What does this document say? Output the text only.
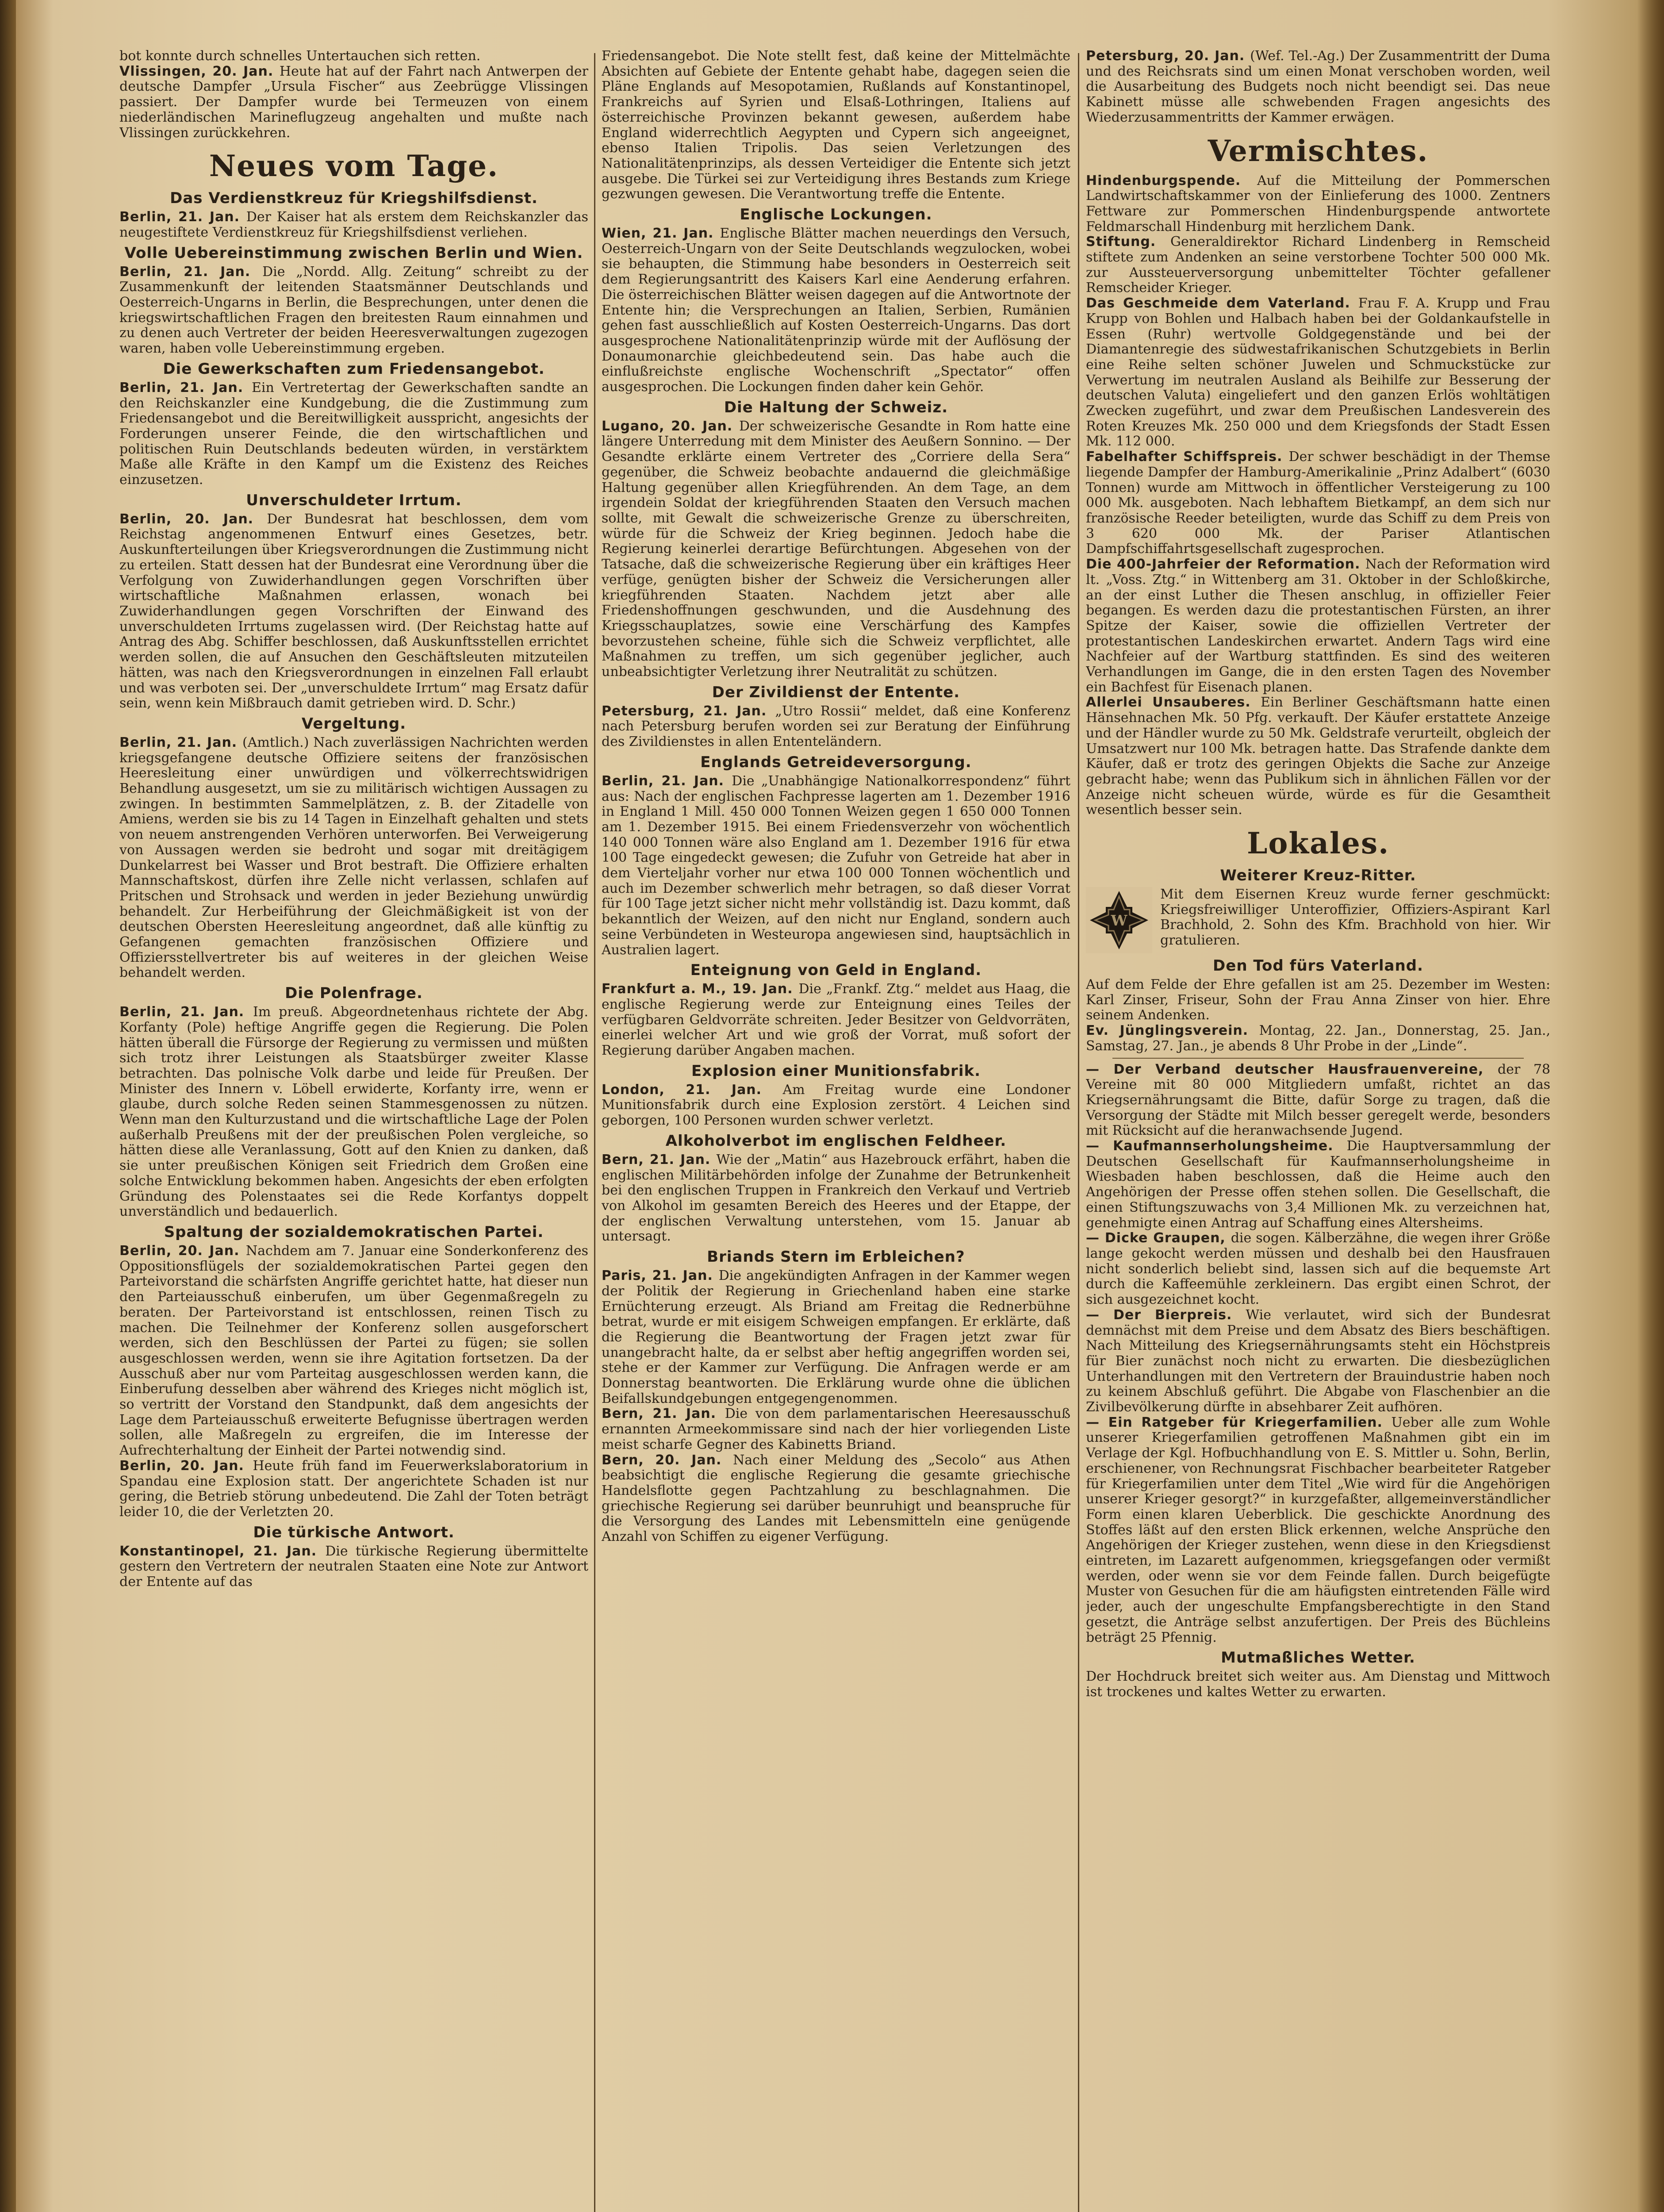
bot konnte durch schnelles Untertauchen sich retten.

Vlissingen, 20. Jan. Heute hat auf der Fahrt nach Antwerpen der deutsche Dampfer „Ursula Fischer“ aus Zeebrügge Vlissingen passiert. Der Dampfer wurde bei Termeuzen von einem niederländischen Marineflugzeug angehalten und mußte nach Vlissingen zurückkehren.

Neues vom Tage.
Das Verdienstkreuz für Kriegshilfsdienst.

Berlin, 21. Jan. Der Kaiser hat als erstem dem Reichskanzler das neugestiftete Verdienstkreuz für Kriegshilfsdienst verliehen.

Volle Uebereinstimmung zwischen Berlin und Wien.

Berlin, 21. Jan. Die „Nordd. Allg. Zeitung“ schreibt zu der Zusammenkunft der leitenden Staatsmänner Deutschlands und Oesterreich-Ungarns in Berlin, die Besprechungen, unter denen die kriegswirtschaftlichen Fragen den breitesten Raum einnahmen und zu denen auch Vertreter der beiden Heeresverwaltungen zugezogen waren, haben volle Uebereinstimmung ergeben.

Die Gewerkschaften zum Friedensangebot.

Berlin, 21. Jan. Ein Vertretertag der Gewerkschaften sandte an den Reichskanzler eine Kundgebung, die die Zustimmung zum Friedensangebot und die Bereitwilligkeit ausspricht, angesichts der Forderungen unserer Feinde, die den wirtschaftlichen und politischen Ruin Deutschlands bedeuten würden, in verstärktem Maße alle Kräfte in den Kampf um die Existenz des Reiches einzusetzen.

Unverschuldeter Irrtum.

Berlin, 20. Jan. Der Bundesrat hat beschlossen, dem vom Reichstag angenommenen Entwurf eines Gesetzes, betr. Auskunfterteilungen über Kriegsverordnungen die Zustimmung nicht zu erteilen. Statt dessen hat der Bundesrat eine Verordnung über die Verfolgung von Zuwiderhandlungen gegen Vorschriften über wirtschaftliche Maßnahmen erlassen, wonach bei Zuwiderhandlungen gegen Vorschriften der Einwand des unverschuldeten Irrtums zugelassen wird. (Der Reichstag hatte auf Antrag des Abg. Schiffer beschlossen, daß Auskunftsstellen errichtet werden sollen, die auf Ansuchen den Geschäftsleuten mitzuteilen hätten, was nach den Kriegsverordnungen in einzelnen Fall erlaubt und was verboten sei. Der „unverschuldete Irrtum“ mag Ersatz dafür sein, wenn kein Mißbrauch damit getrieben wird. D. Schr.)

Vergeltung.

Berlin, 21. Jan. (Amtlich.) Nach zuverlässigen Nachrichten werden kriegsgefangene deutsche Offiziere seitens der französischen Heeresleitung einer unwürdigen und völkerrechtswidrigen Behandlung ausgesetzt, um sie zu militärisch wichtigen Aussagen zu zwingen. In bestimmten Sammelplätzen, z. B. der Zitadelle von Amiens, werden sie bis zu 14 Tagen in Einzelhaft gehalten und stets von neuem anstrengenden Verhören unterworfen. Bei Verweigerung von Aussagen werden sie bedroht und sogar mit dreitägigem Dunkelarrest bei Wasser und Brot bestraft. Die Offiziere erhalten Mannschaftskost, dürfen ihre Zelle nicht verlassen, schlafen auf Pritschen und Strohsack und werden in jeder Beziehung unwürdig behandelt. Zur Herbeiführung der Gleichmäßigkeit ist von der deutschen Obersten Heeresleitung angeordnet, daß alle künftig zu Gefangenen gemachten französischen Offiziere und Offiziersstellvertreter bis auf weiteres in der gleichen Weise behandelt werden.

Die Polenfrage.

Berlin, 21. Jan. Im preuß. Abgeordnetenhaus richtete der Abg. Korfanty (Pole) heftige Angriffe gegen die Regierung. Die Polen hätten überall die Fürsorge der Regierung zu vermissen und müßten sich trotz ihrer Leistungen als Staatsbürger zweiter Klasse betrachten. Das polnische Volk darbe und leide für Preußen. Der Minister des Innern v. Löbell erwiderte, Korfanty irre, wenn er glaube, durch solche Reden seinen Stammesgenossen zu nützen. Wenn man den Kulturzustand und die wirtschaftliche Lage der Polen außerhalb Preußens mit der der preußischen Polen vergleiche, so hätten diese alle Veranlassung, Gott auf den Knien zu danken, daß sie unter preußischen Königen seit Friedrich dem Großen eine solche Entwicklung bekommen haben. Angesichts der eben erfolgten Gründung des Polenstaates sei die Rede Korfantys doppelt unverständlich und bedauerlich.

Spaltung der sozialdemokratischen Partei.

Berlin, 20. Jan. Nachdem am 7. Januar eine Sonderkonferenz des Oppositionsflügels der sozialdemokratischen Partei gegen den Parteivorstand die schärfsten Angriffe gerichtet hatte, hat dieser nun den Parteiausschuß einberufen, um über Gegenmaßregeln zu beraten. Der Parteivorstand ist entschlossen, reinen Tisch zu machen. Die Teilnehmer der Konferenz sollen ausgeforschert werden, sich den Beschlüssen der Partei zu fügen; sie sollen ausgeschlossen werden, wenn sie ihre Agitation fortsetzen. Da der Ausschuß aber nur vom Parteitag ausgeschlossen werden kann, die Einberufung desselben aber während des Krieges nicht möglich ist, so vertritt der Vorstand den Standpunkt, daß dem angesichts der Lage dem Parteiausschuß erweiterte Befugnisse übertragen werden sollen, alle Maßregeln zu ergreifen, die im Interesse der Aufrechterhaltung der Einheit der Partei notwendig sind.

Berlin, 20. Jan. Heute früh fand im Feuerwerkslaboratorium in Spandau eine Explosion statt. Der angerichtete Schaden ist nur gering, die Betrieb störung unbedeutend. Die Zahl der Toten beträgt leider 10, die der Verletzten 20.

Die türkische Antwort.

Konstantinopel, 21. Jan. Die türkische Regierung übermittelte gestern den Vertretern der neutralen Staaten eine Note zur Antwort der Entente auf das

Friedensangebot. Die Note stellt fest, daß keine der Mittelmächte Absichten auf Gebiete der Entente gehabt habe, dagegen seien die Pläne Englands auf Mesopotamien, Rußlands auf Konstantinopel, Frankreichs auf Syrien und Elsaß-Lothringen, Italiens auf österreichische Provinzen bekannt gewesen, außerdem habe England widerrechtlich Aegypten und Cypern sich angeeignet, ebenso Italien Tripolis. Das seien Verletzungen des Nationalitätenprinzips, als dessen Verteidiger die Entente sich jetzt ausgebe. Die Türkei sei zur Verteidigung ihres Bestands zum Kriege gezwungen gewesen. Die Verantwortung treffe die Entente.

Englische Lockungen.

Wien, 21. Jan. Englische Blätter machen neuerdings den Versuch, Oesterreich-Ungarn von der Seite Deutschlands wegzulocken, wobei sie behaupten, die Stimmung habe besonders in Oesterreich seit dem Regierungsantritt des Kaisers Karl eine Aenderung erfahren. Die österreichischen Blätter weisen dagegen auf die Antwortnote der Entente hin; die Versprechungen an Italien, Serbien, Rumänien gehen fast ausschließlich auf Kosten Oesterreich-Ungarns. Das dort ausgesprochene Nationalitätenprinzip würde mit der Auflösung der Donaumonarchie gleichbedeutend sein. Das habe auch die einflußreichste englische Wochenschrift „Spectator“ offen ausgesprochen. Die Lockungen finden daher kein Gehör.

Die Haltung der Schweiz.

Lugano, 20. Jan. Der schweizerische Gesandte in Rom hatte eine längere Unterredung mit dem Minister des Aeußern Sonnino. — Der Gesandte erklärte einem Vertreter des „Corriere della Sera“ gegenüber, die Schweiz beobachte andauernd die gleichmäßige Haltung gegenüber allen Kriegführenden. An dem Tage, an dem irgendein Soldat der kriegführenden Staaten den Versuch machen sollte, mit Gewalt die schweizerische Grenze zu überschreiten, würde für die Schweiz der Krieg beginnen. Jedoch habe die Regierung keinerlei derartige Befürchtungen. Abgesehen von der Tatsache, daß die schweizerische Regierung über ein kräftiges Heer verfüge, genügten bisher der Schweiz die Versicherungen aller kriegführenden Staaten. Nachdem jetzt aber alle Friedenshoffnungen geschwunden, und die Ausdehnung des Kriegsschauplatzes, sowie eine Verschärfung des Kampfes bevorzustehen scheine, fühle sich die Schweiz verpflichtet, alle Maßnahmen zu treffen, um sich gegenüber jeglicher, auch unbeabsichtigter Verletzung ihrer Neutralität zu schützen.

Der Zivildienst der Entente.

Petersburg, 21. Jan. „Utro Rossii“ meldet, daß eine Konferenz nach Petersburg berufen worden sei zur Beratung der Einführung des Zivildienstes in allen Ententeländern.

Englands Getreideversorgung.

Berlin, 21. Jan. Die „Unabhängige Nationalkorrespondenz“ führt aus: Nach der englischen Fachpresse lagerten am 1. Dezember 1916 in England 1 Mill. 450 000 Tonnen Weizen gegen 1 650 000 Tonnen am 1. Dezember 1915. Bei einem Friedensverzehr von wöchentlich 140 000 Tonnen wäre also England am 1. Dezember 1916 für etwa 100 Tage eingedeckt gewesen; die Zufuhr von Getreide hat aber in dem Vierteljahr vorher nur etwa 100 000 Tonnen wöchentlich und auch im Dezember schwerlich mehr betragen, so daß dieser Vorrat für 100 Tage jetzt sicher nicht mehr vollständig ist. Dazu kommt, daß bekanntlich der Weizen, auf den nicht nur England, sondern auch seine Verbündeten in Westeuropa angewiesen sind, hauptsächlich in Australien lagert.

Enteignung von Geld in England.

Frankfurt a. M., 19. Jan. Die „Frankf. Ztg.“ meldet aus Haag, die englische Regierung werde zur Enteignung eines Teiles der verfügbaren Geldvorräte schreiten. Jeder Besitzer von Geldvorräten, einerlei welcher Art und wie groß der Vorrat, muß sofort der Regierung darüber Angaben machen.

Explosion einer Munitionsfabrik.

London, 21. Jan. Am Freitag wurde eine Londoner Munitionsfabrik durch eine Explosion zerstört. 4 Leichen sind geborgen, 100 Personen wurden schwer verletzt.

Alkoholverbot im englischen Feldheer.

Bern, 21. Jan. Wie der „Matin“ aus Hazebrouck erfährt, haben die englischen Militärbehörden infolge der Zunahme der Betrunkenheit bei den englischen Truppen in Frankreich den Verkauf und Vertrieb von Alkohol im gesamten Bereich des Heeres und der Etappe, der der englischen Verwaltung unterstehen, vom 15. Januar ab untersagt.

Briands Stern im Erbleichen?

Paris, 21. Jan. Die angekündigten Anfragen in der Kammer wegen der Politik der Regierung in Griechenland haben eine starke Ernüchterung erzeugt. Als Briand am Freitag die Rednerbühne betrat, wurde er mit eisigem Schweigen empfangen. Er erklärte, daß die Regierung die Beantwortung der Fragen jetzt zwar für unangebracht halte, da er selbst aber heftig angegriffen worden sei, stehe er der Kammer zur Verfügung. Die Anfragen werde er am Donnerstag beantworten. Die Erklärung wurde ohne die üblichen Beifallskundgebungen entgegengenommen.

Bern, 21. Jan. Die von dem parlamentarischen Heeresausschuß ernannten Armeekommissare sind nach der hier vorliegenden Liste meist scharfe Gegner des Kabinetts Briand.

Bern, 20. Jan. Nach einer Meldung des „Secolo“ aus Athen beabsichtigt die englische Regierung die gesamte griechische Handelsflotte gegen Pachtzahlung zu beschlagnahmen. Die griechische Regierung sei darüber beunruhigt und beanspruche für die Versorgung des Landes mit Lebensmitteln eine genügende Anzahl von Schiffen zu eigener Verfügung.

Petersburg, 20. Jan. (Wef. Tel.-Ag.) Der Zusammentritt der Duma und des Reichsrats sind um einen Monat verschoben worden, weil die Ausarbeitung des Budgets noch nicht beendigt sei. Das neue Kabinett müsse alle schwebenden Fragen angesichts des Wiederzusammentritts der Kammer erwägen.

Vermischtes.

Hindenburgspende. Auf die Mitteilung der Pommerschen Landwirtschaftskammer von der Einlieferung des 1000. Zentners Fettware zur Pommerschen Hindenburgspende antwortete Feldmarschall Hindenburg mit herzlichem Dank.

Stiftung. Generaldirektor Richard Lindenberg in Remscheid stiftete zum Andenken an seine verstorbene Tochter 500 000 Mk. zur Aussteuerversorgung unbemittelter Töchter gefallener Remscheider Krieger.

Das Geschmeide dem Vaterland. Frau F. A. Krupp und Frau Krupp von Bohlen und Halbach haben bei der Goldankaufstelle in Essen (Ruhr) wertvolle Goldgegenstände und bei der Diamantenregie des südwestafrikanischen Schutzgebiets in Berlin eine Reihe selten schöner Juwelen und Schmuckstücke zur Verwertung im neutralen Ausland als Beihilfe zur Besserung der deutschen Valuta) eingeliefert und den ganzen Erlös wohltätigen Zwecken zugeführt, und zwar dem Preußischen Landesverein des Roten Kreuzes Mk. 250 000 und dem Kriegsfonds der Stadt Essen Mk. 112 000.

Fabelhafter Schiffspreis. Der schwer beschädigt in der Themse liegende Dampfer der Hamburg-Amerikalinie „Prinz Adalbert“ (6030 Tonnen) wurde am Mittwoch in öffentlicher Versteigerung zu 100 000 Mk. ausgeboten. Nach lebhaftem Bietkampf, an dem sich nur französische Reeder beteiligten, wurde das Schiff zu dem Preis von 3 620 000 Mk. der Pariser Atlantischen Dampfschiffahrtsgesellschaft zugesprochen.

Die 400-Jahrfeier der Reformation. Nach der Reformation wird lt. „Voss. Ztg.“ in Wittenberg am 31. Oktober in der Schloßkirche, an der einst Luther die Thesen anschlug, in offizieller Feier begangen. Es werden dazu die protestantischen Fürsten, an ihrer Spitze der Kaiser, sowie die offiziellen Vertreter der protestantischen Landeskirchen erwartet. Andern Tags wird eine Nachfeier auf der Wartburg stattfinden. Es sind des weiteren Verhandlungen im Gange, die in den ersten Tagen des November ein Bachfest für Eisenach planen.

Allerlei Unsauberes. Ein Berliner Geschäftsmann hatte einen Hänsehnachen Mk. 50 Pfg. verkauft. Der Käufer erstattete Anzeige und der Händler wurde zu 50 Mk. Geldstrafe verurteilt, obgleich der Umsatzwert nur 100 Mk. betragen hatte. Das Strafende dankte dem Käufer, daß er trotz des geringen Objekts die Sache zur Anzeige gebracht habe; wenn das Publikum sich in ähnlichen Fällen vor der Anzeige nicht scheuen würde, würde es für die Gesamtheit wesentlich besser sein.

Lokales.
Weiterer Kreuz-Ritter.
W

Mit dem Eisernen Kreuz wurde ferner geschmückt: Kriegsfreiwilliger Unteroffizier, Offiziers-Aspirant Karl Brachhold, 2. Sohn des Kfm. Brachhold von hier. Wir gratulieren.

Den Tod fürs Vaterland.

Auf dem Felde der Ehre gefallen ist am 25. Dezember im Westen: Karl Zinser, Friseur, Sohn der Frau Anna Zinser von hier. Ehre seinem Andenken.

Ev. Jünglingsverein. Montag, 22. Jan., Donnerstag, 25. Jan., Samstag, 27. Jan., je abends 8 Uhr Probe in der „Linde“.

— Der Verband deutscher Hausfrauenvereine, der 78 Vereine mit 80 000 Mitgliedern umfaßt, richtet an das Kriegsernährungsamt die Bitte, dafür Sorge zu tragen, daß die Versorgung der Städte mit Milch besser geregelt werde, besonders mit Rücksicht auf die heranwachsende Jugend.

— Kaufmannserholungsheime. Die Hauptversammlung der Deutschen Gesellschaft für Kaufmannserholungsheime in Wiesbaden haben beschlossen, daß die Heime auch den Angehörigen der Presse offen stehen sollen. Die Gesellschaft, die einen Stiftungszuwachs von 3,4 Millionen Mk. zu verzeichnen hat, genehmigte einen Antrag auf Schaffung eines Altersheims.

— Dicke Graupen, die sogen. Kälberzähne, die wegen ihrer Größe lange gekocht werden müssen und deshalb bei den Hausfrauen nicht sonderlich beliebt sind, lassen sich auf die bequemste Art durch die Kaffeemühle zerkleinern. Das ergibt einen Schrot, der sich ausgezeichnet kocht.

— Der Bierpreis. Wie verlautet, wird sich der Bundesrat demnächst mit dem Preise und dem Absatz des Biers beschäftigen. Nach Mitteilung des Kriegsernährungsamts steht ein Höchstpreis für Bier zunächst noch nicht zu erwarten. Die diesbezüglichen Unterhandlungen mit den Vertretern der Brauindustrie haben noch zu keinem Abschluß geführt. Die Abgabe von Flaschenbier an die Zivilbevölkerung dürfte in absehbarer Zeit aufhören.

— Ein Ratgeber für Kriegerfamilien. Ueber alle zum Wohle unserer Kriegerfamilien getroffenen Maßnahmen gibt ein im Verlage der Kgl. Hofbuchhandlung von E. S. Mittler u. Sohn, Berlin, erschienener, von Rechnungsrat Fischbacher bearbeiteter Ratgeber für Kriegerfamilien unter dem Titel „Wie wird für die Angehörigen unserer Krieger gesorgt?“ in kurzgefaßter, allgemeinverständlicher Form einen klaren Ueberblick. Die geschickte Anordnung des Stoffes läßt auf den ersten Blick erkennen, welche Ansprüche den Angehörigen der Krieger zustehen, wenn diese in den Kriegsdienst eintreten, im Lazarett aufgenommen, kriegsgefangen oder vermißt werden, oder wenn sie vor dem Feinde fallen. Durch beigefügte Muster von Gesuchen für die am häufigsten eintretenden Fälle wird jeder, auch der ungeschulte Empfangsberechtigte in den Stand gesetzt, die Anträge selbst anzufertigen. Der Preis des Büchleins beträgt 25 Pfennig.

Mutmaßliches Wetter.

Der Hochdruck breitet sich weiter aus. Am Dienstag und Mittwoch ist trockenes und kaltes Wetter zu erwarten.
